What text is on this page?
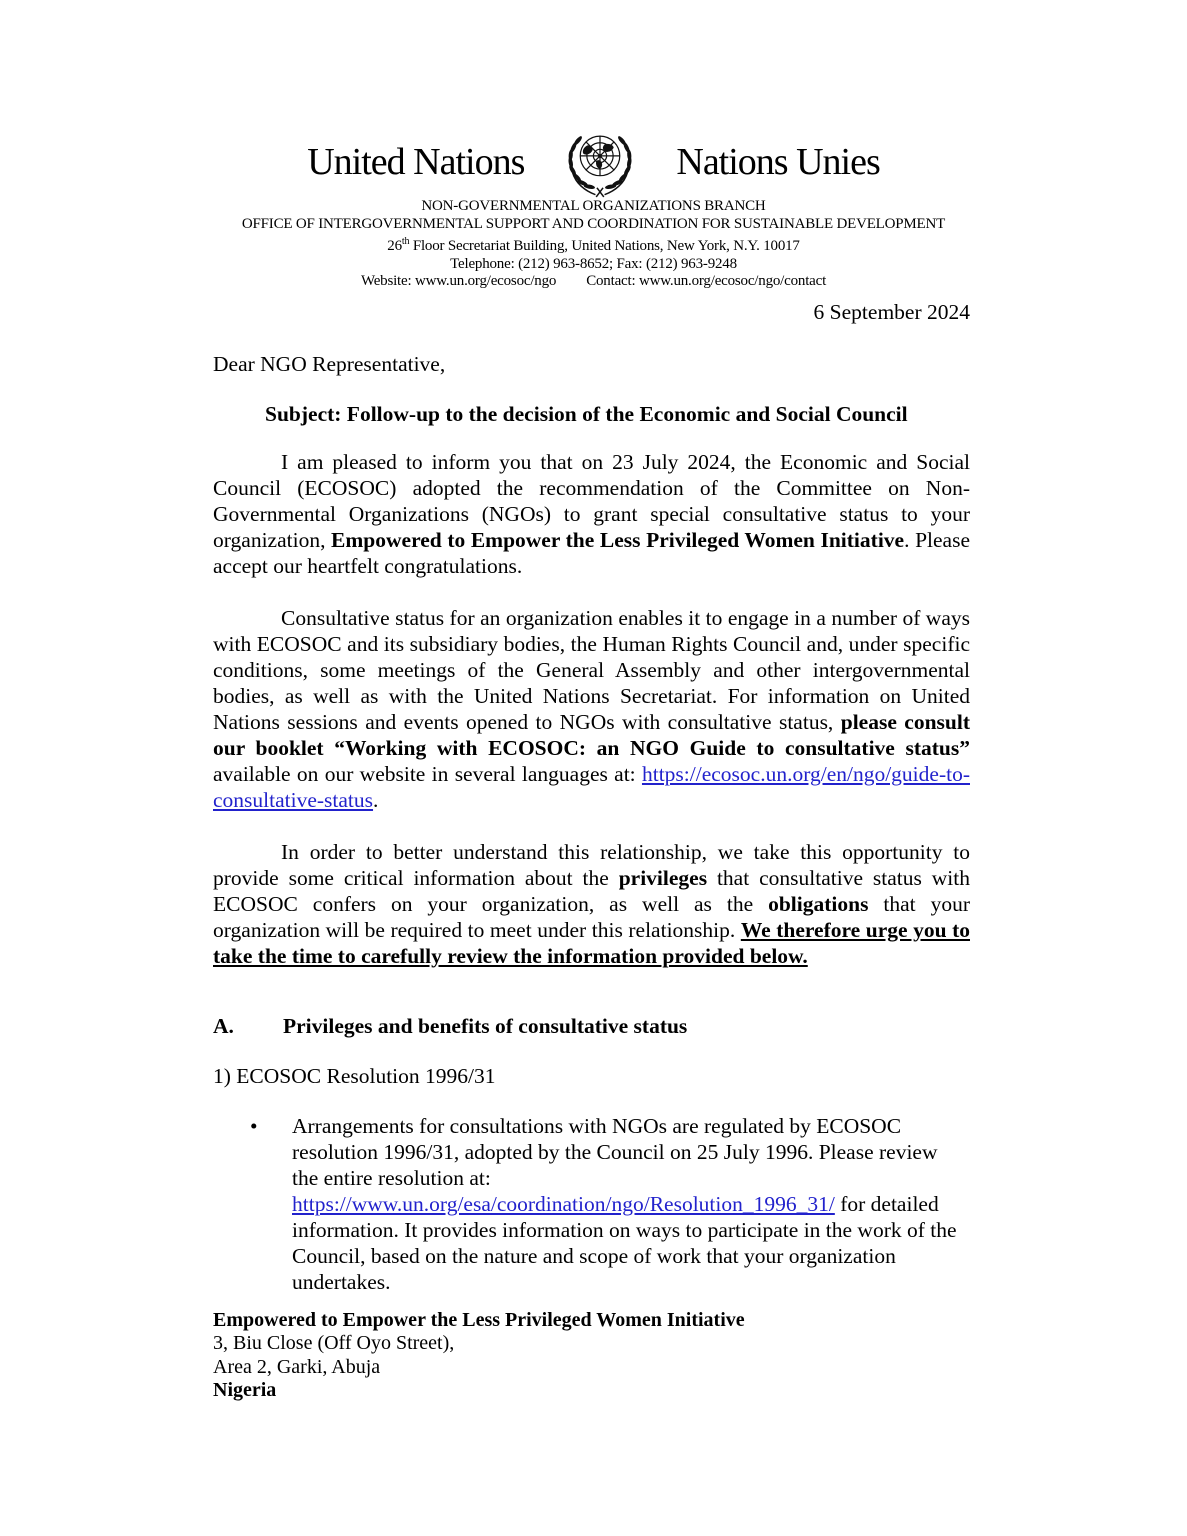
United Nations	Nations Unies
NON-GOVERNMENTAL ORGANIZATIONS BRANCH
OFFICE OF INTERGOVERNMENTAL SUPPORT AND COORDINATION FOR SUSTAINABLE DEVELOPMENT
26th Floor Secretariat Building, United Nations, New York, N.Y. 10017
Telephone: (212) 963-8652; Fax: (212) 963-9248
Website: www.un.org/ecosoc/ngo Contact: www.un.org/ecosoc/ngo/contact
6 September 2024

Dear NGO Representative,

Subject: Follow-up to the decision of the Economic and Social Council

I am pleased to inform you that on 23 July 2024, the Economic and Social Council (ECOSOC) adopted the recommendation of the Committee on Non-Governmental Organizations (NGOs) to grant special consultative status to your organization, Empowered to Empower the Less Privileged Women Initiative. Please accept our heartfelt congratulations.

Consultative status for an organization enables it to engage in a number of ways with ECOSOC and its subsidiary bodies, the Human Rights Council and, under specific conditions, some meetings of the General Assembly and other intergovernmental bodies, as well as with the United Nations Secretariat. For information on United Nations sessions and events opened to NGOs with consultative status, please consult our booklet “Working with ECOSOC: an NGO Guide to consultative status” available on our website in several languages at: https://ecosoc.un.org/en/ngo/guide-to-consultative-status.

In order to better understand this relationship, we take this opportunity to provide some critical information about the privileges that consultative status with ECOSOC confers on your organization, as well as the obligations that your organization will be required to meet under this relationship. We therefore urge you to take the time to carefully review the information provided below.

A.	Privileges and benefits of consultative status

1) ECOSOC Resolution 1996/31

•	Arrangements for consultations with NGOs are regulated by ECOSOC resolution 1996/31, adopted by the Council on 25 July 1996. Please review the entire resolution at: https://www.un.org/esa/coordination/ngo/Resolution_1996_31/ for detailed information. It provides information on ways to participate in the work of the Council, based on the nature and scope of work that your organization undertakes.
Empowered to Empower the Less Privileged Women Initiative
3, Biu Close (Off Oyo Street),
Area 2, Garki, Abuja
Nigeria
